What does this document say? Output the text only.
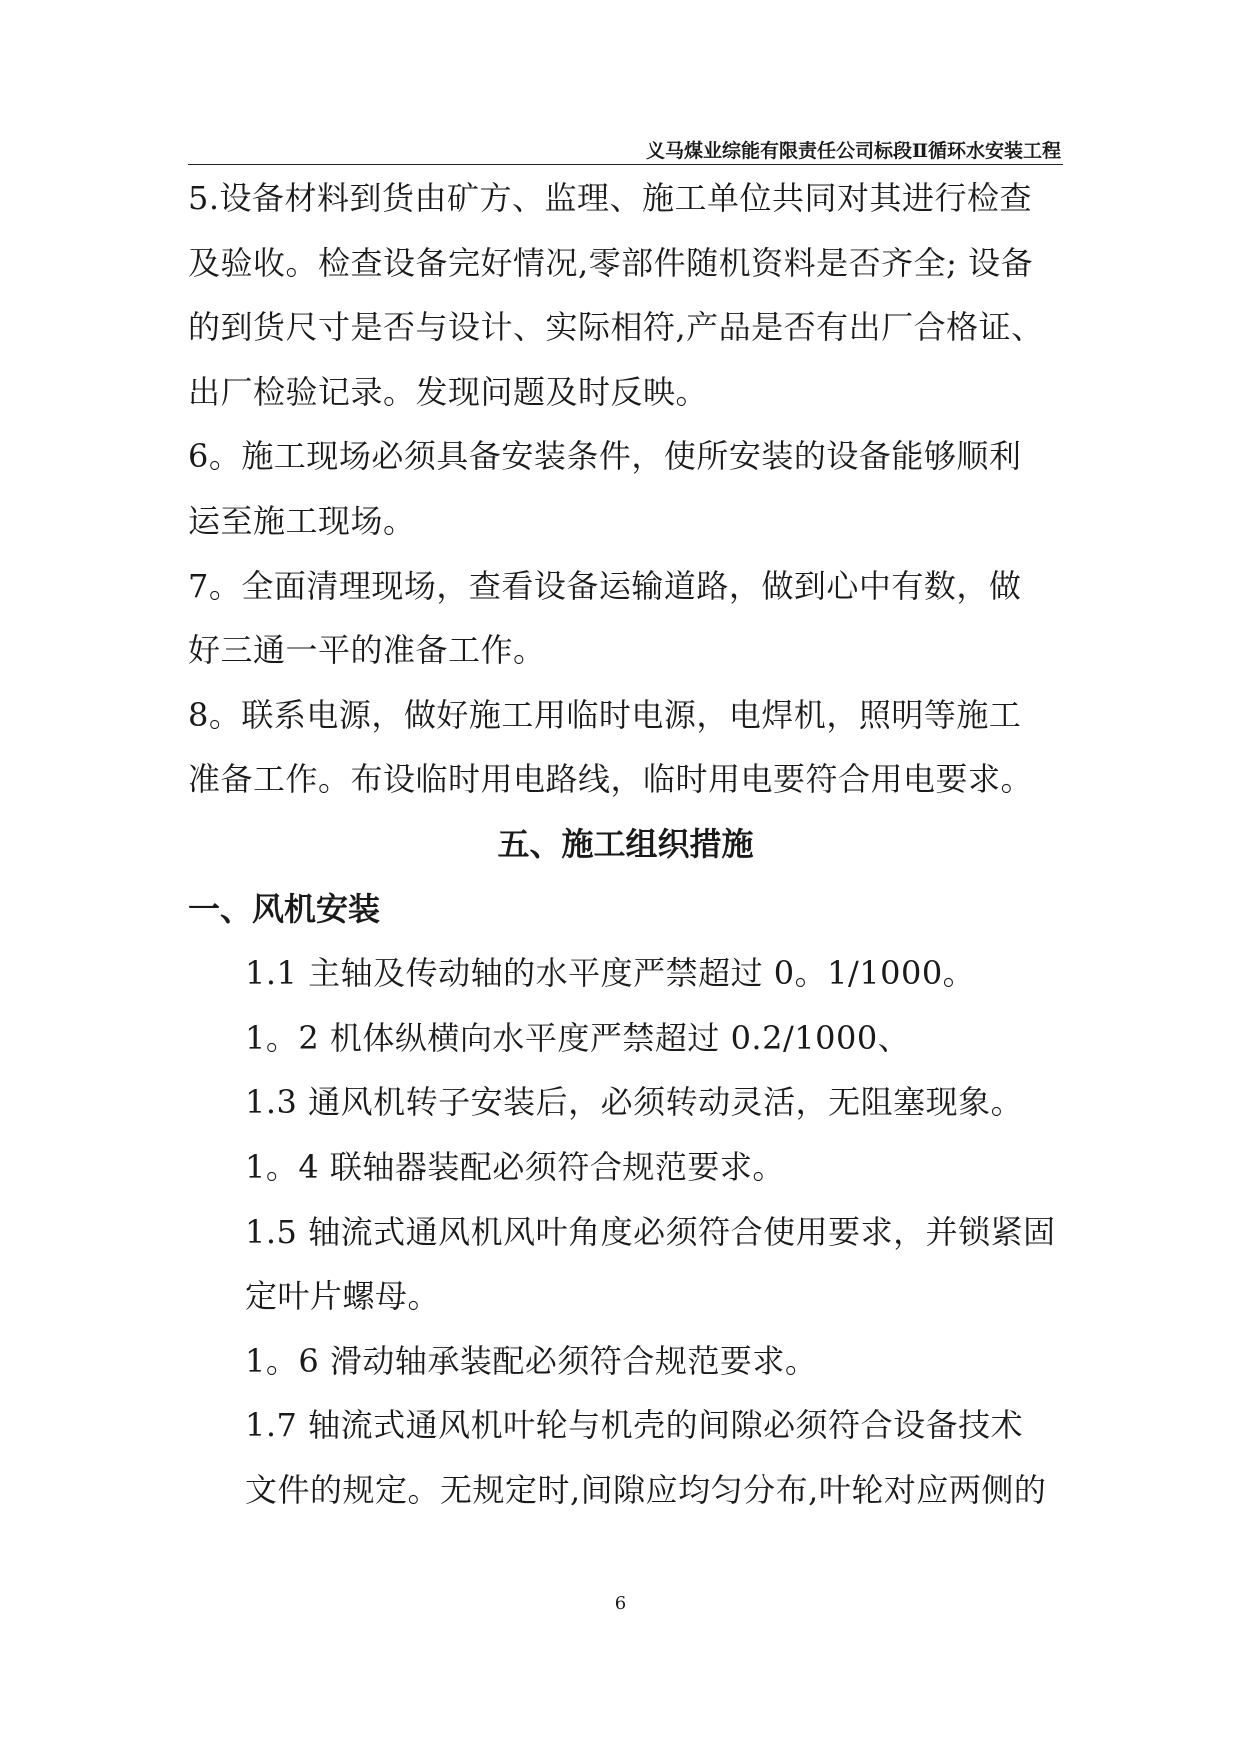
义马煤业综能有限责任公司标段Ⅱ循环水安装工程

5.设备材料到货由矿方、监理、施工单位共同对其进行检查

及验收。检查设备完好情况,零部件随机资料是否齐全; 设备

的到货尺寸是否与设计、实际相符,产品是否有出厂合格证、

出厂检验记录。发现问题及时反映。

6。施工现场必须具备安装条件，使所安装的设备能够顺利

运至施工现场。

7。全面清理现场，查看设备运输道路，做到心中有数，做

好三通一平的准备工作。

8。联系电源，做好施工用临时电源，电焊机，照明等施工

准备工作。布设临时用电路线，临时用电要符合用电要求。

五、施工组织措施
一、风机安装

1.1 主轴及传动轴的水平度严禁超过 0。1/1000。

1。2 机体纵横向水平度严禁超过 0.2/1000、

1.3 通风机转子安装后，必须转动灵活，无阻塞现象。

1。4 联轴器装配必须符合规范要求。

1.5 轴流式通风机风叶角度必须符合使用要求，并锁紧固

定叶片螺母。

1。6 滑动轴承装配必须符合规范要求。

1.7 轴流式通风机叶轮与机壳的间隙必须符合设备技术

文件的规定。无规定时,间隙应均匀分布,叶轮对应两侧的

6
